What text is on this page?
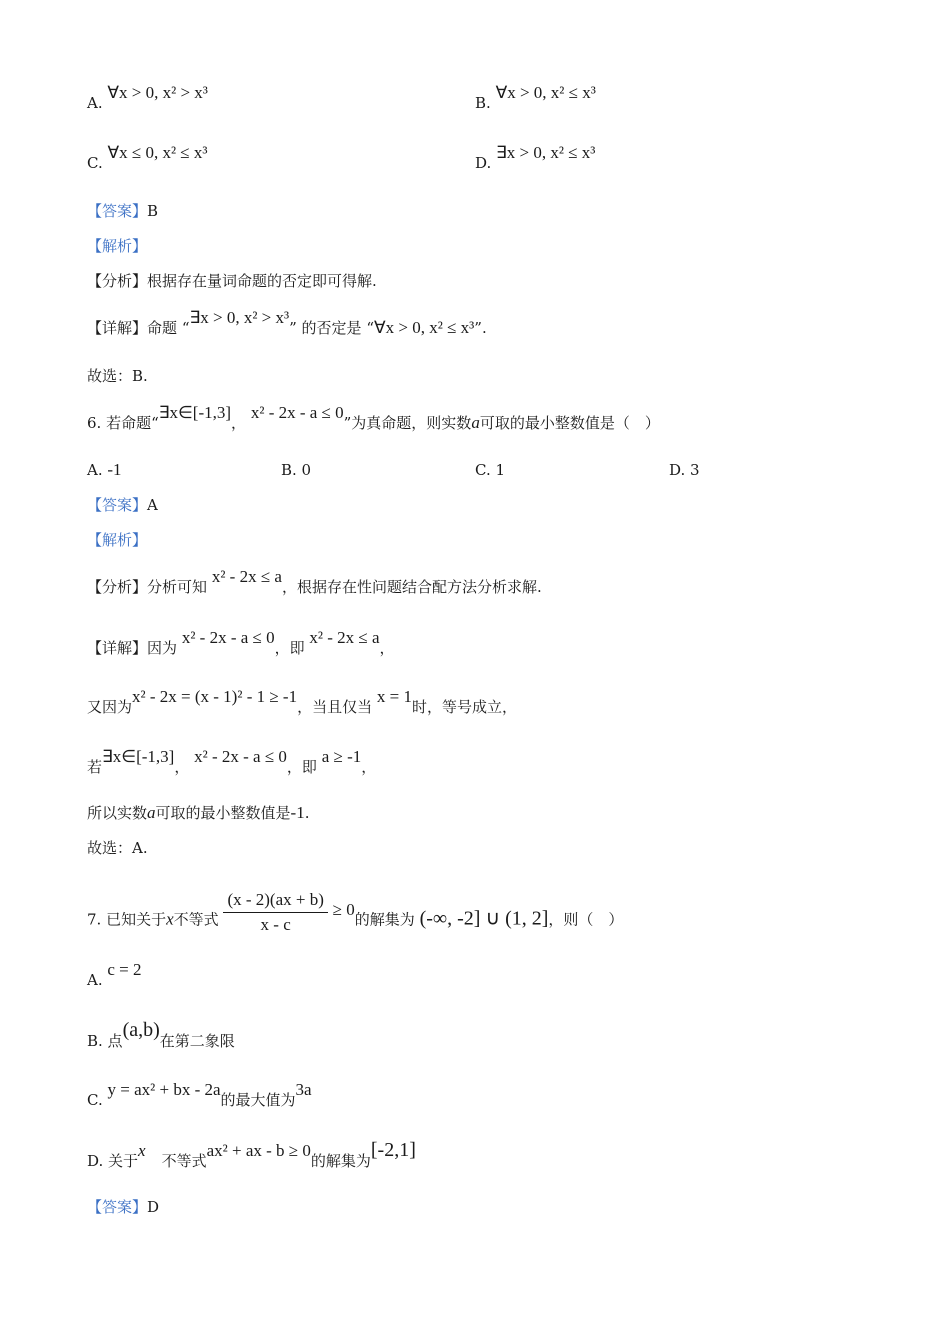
A. ∀x > 0, x² > x³
B. ∀x > 0, x² ≤ x³
C. ∀x ≤ 0, x² ≤ x³
D. ∃x > 0, x² ≤ x³
【答案】B
【解析】
【分析】根据存在量词命题的否定即可得解.
【详解】命题 “∃x > 0, x² > x³” 的否定是 “∀x > 0, x² ≤ x³”.
故选：B.
6. 若命题“∃x∈[-1,3]， x² - 2x - a ≤ 0”为真命题，则实数a可取的最小整数值是（　）
A. -1	B. 0	C. 1	D. 3
【答案】A
【解析】
【分析】分析可知 x² - 2x ≤ a，根据存在性问题结合配方法分析求解.
【详解】因为 x² - 2x - a ≤ 0，即 x² - 2x ≤ a，
又因为x² - 2x = (x - 1)² - 1 ≥ -1，当且仅当 x = 1时，等号成立，
若∃x∈[-1,3]， x² - 2x - a ≤ 0，即 a ≥ -1，
所以实数a可取的最小整数值是-1.
故选：A.
7. 已知关于x不等式 $\frac{(x - 2)(ax + b)}{x - c} \ge 0$的解集为 (-∞, -2] ∪ (1, 2]，则（　）
A. c = 2
B. 点(a,b)在第二象限
C. y = ax² + bx - 2a的最大值为3a
D. 关于x不等式ax² + ax - b ≥ 0的解集为[-2,1]
【答案】D
